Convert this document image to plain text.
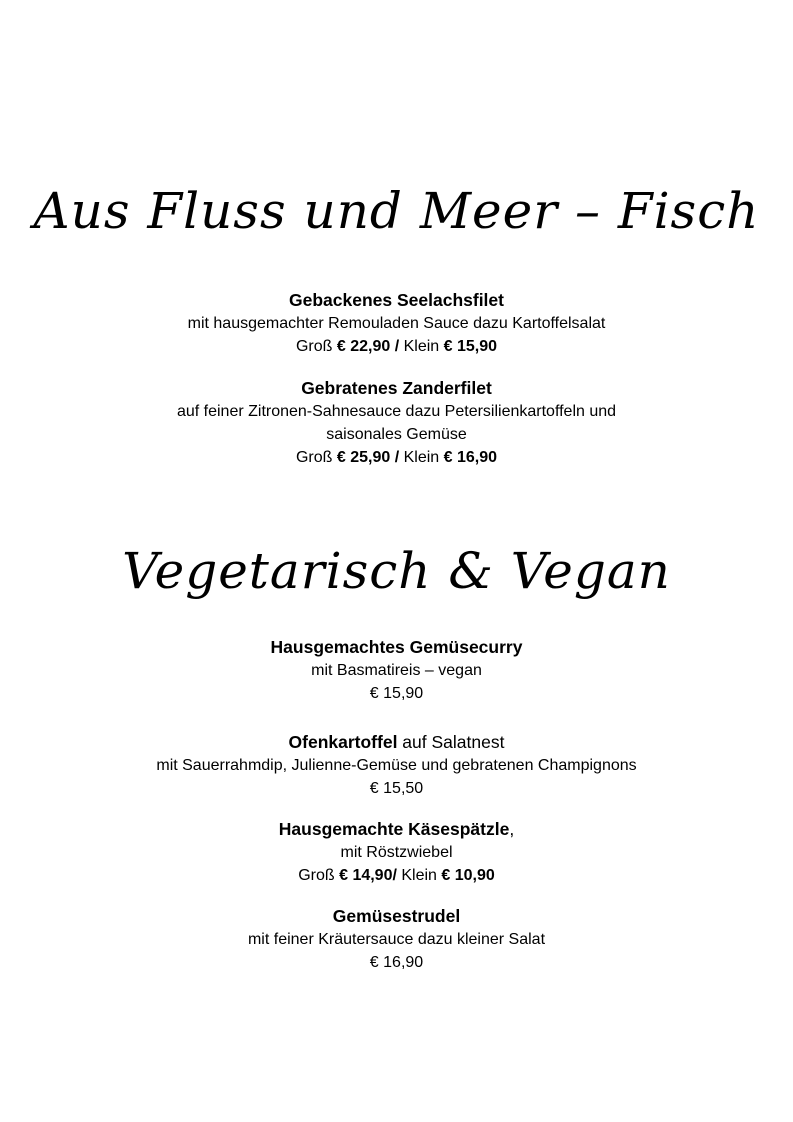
Aus Fluss und Meer – Fisch
Gebackenes Seelachsfilet
mit hausgemachter Remouladen Sauce dazu Kartoffelsalat
Groß € 22,90 / Klein € 15,90
Gebratenes Zanderfilet
auf feiner Zitronen-Sahnesauce dazu Petersilienkartoffeln und
saisonales Gemüse
Groß € 25,90 / Klein € 16,90
Vegetarisch & Vegan
Hausgemachtes Gemüsecurry
mit Basmatireis – vegan
€ 15,90
Ofenkartoffel auf Salatnest
mit Sauerrahmdip, Julienne-Gemüse und gebratenen Champignons
€ 15,50
Hausgemachte Käsespätzle,
mit Röstzwiebel
Groß € 14,90/ Klein € 10,90
Gemüsestrudel
mit feiner Kräutersauce dazu kleiner Salat
€ 16,90
